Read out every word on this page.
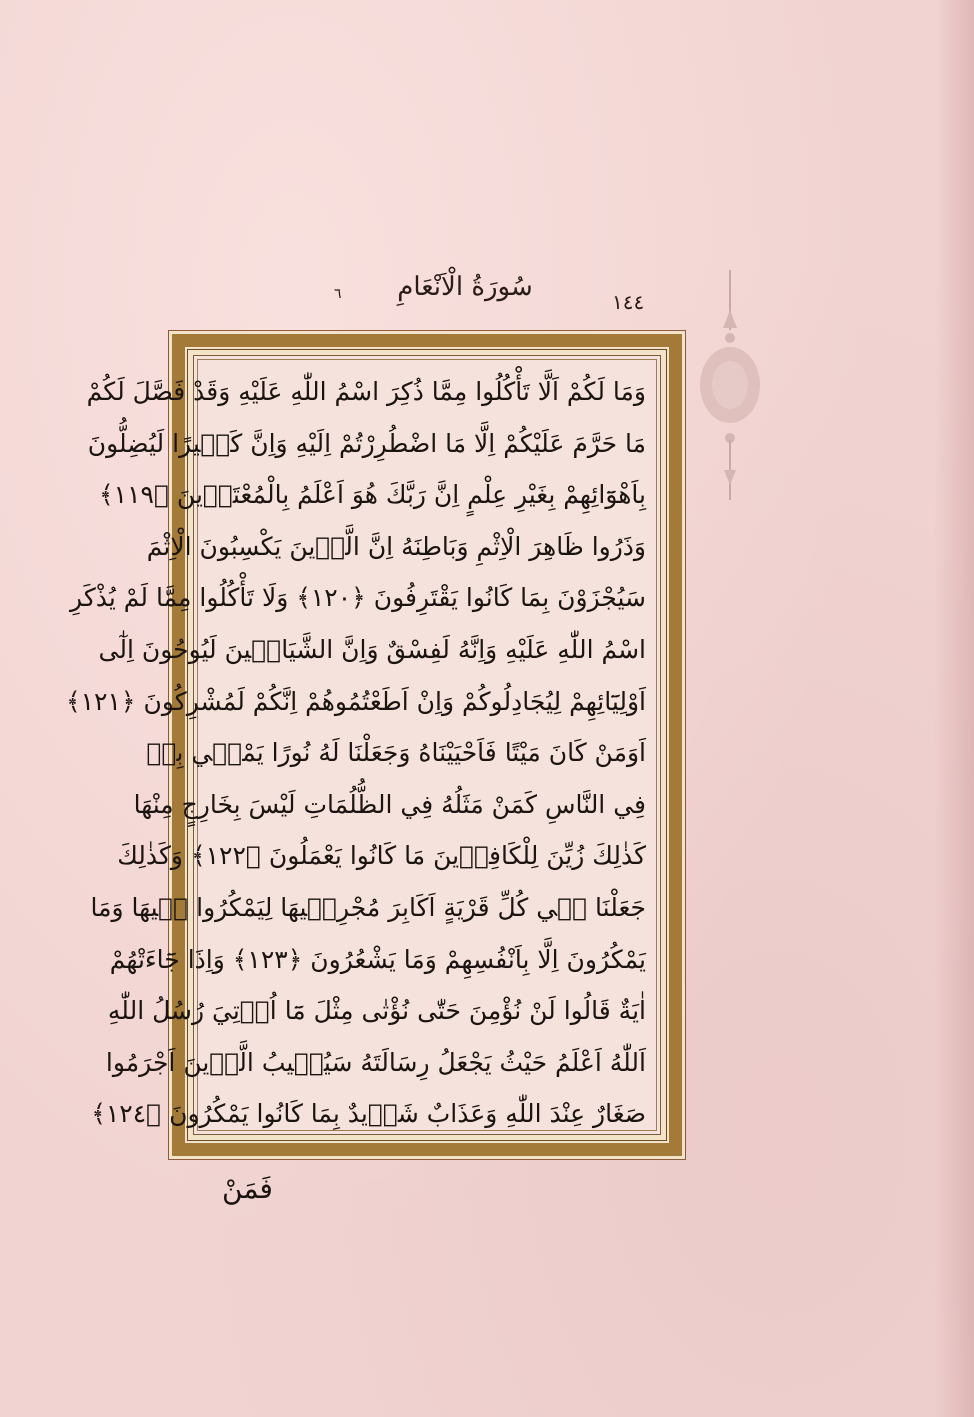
سُورَةُ الْاَنْعَامِ
٦	١٤٤
وَمَا لَكُمْ اَلَّا تَأْكُلُوا مِمَّا ذُكِرَ اسْمُ اللّٰهِ عَلَيْهِ وَقَدْ فَصَّلَ لَكُمْ
مَا حَرَّمَ عَلَيْكُمْ اِلَّا مَا اضْطُرِرْتُمْ اِلَيْهِ وَاِنَّ كَث۪يرًا لَيُضِلُّونَ
بِاَهْوَٓائِهِمْ بِغَيْرِ عِلْمٍ اِنَّ رَبَّكَ هُوَ اَعْلَمُ بِالْمُعْتَد۪ينَ ﴿١١٩﴾
وَذَرُوا ظَاهِرَ الْاِثْمِ وَبَاطِنَهُ اِنَّ الَّذ۪ينَ يَكْسِبُونَ الْاِثْمَ
سَيُجْزَوْنَ بِمَا كَانُوا يَقْتَرِفُونَ ﴿١٢٠﴾ وَلَا تَأْكُلُوا مِمَّا لَمْ يُذْكَرِ
اسْمُ اللّٰهِ عَلَيْهِ وَاِنَّهُ لَفِسْقٌ وَاِنَّ الشَّيَاط۪ينَ لَيُوحُونَ اِلٰٓى
اَوْلِيَٓائِهِمْ لِيُجَادِلُوكُمْ وَاِنْ اَطَعْتُمُوهُمْ اِنَّكُمْ لَمُشْرِكُونَ ﴿١٢١﴾
اَوَمَنْ كَانَ مَيْتًا فَاَحْيَيْنَاهُ وَجَعَلْنَا لَهُ نُورًا يَمْش۪ي بِه۪
فِي النَّاسِ كَمَنْ مَثَلُهُ فِي الظُّلُمَاتِ لَيْسَ بِخَارِجٍ مِنْهَا
كَذٰلِكَ زُيِّنَ لِلْكَافِر۪ينَ مَا كَانُوا يَعْمَلُونَ ﴿١٢٢﴾ وَكَذٰلِكَ
جَعَلْنَا ف۪ي كُلِّ قَرْيَةٍ اَكَابِرَ مُجْرِم۪يهَا لِيَمْكُرُوا ف۪يهَا وَمَا
يَمْكُرُونَ اِلَّا بِاَنْفُسِهِمْ وَمَا يَشْعُرُونَ ﴿١٢٣﴾ وَاِذَا جَٓاءَتْهُمْ
اٰيَةٌ قَالُوا لَنْ نُؤْمِنَ حَتّٰى نُؤْتٰى مِثْلَ مَٓا اُو۫تِيَ رُسُلُ اللّٰهِ
اَللّٰهُ اَعْلَمُ حَيْثُ يَجْعَلُ رِسَالَتَهُ سَيُص۪يبُ الَّذ۪ينَ اَجْرَمُوا
صَغَارٌ عِنْدَ اللّٰهِ وَعَذَابٌ شَد۪يدٌ بِمَا كَانُوا يَمْكُرُونَ ﴿١٢٤﴾
فَمَنْ
